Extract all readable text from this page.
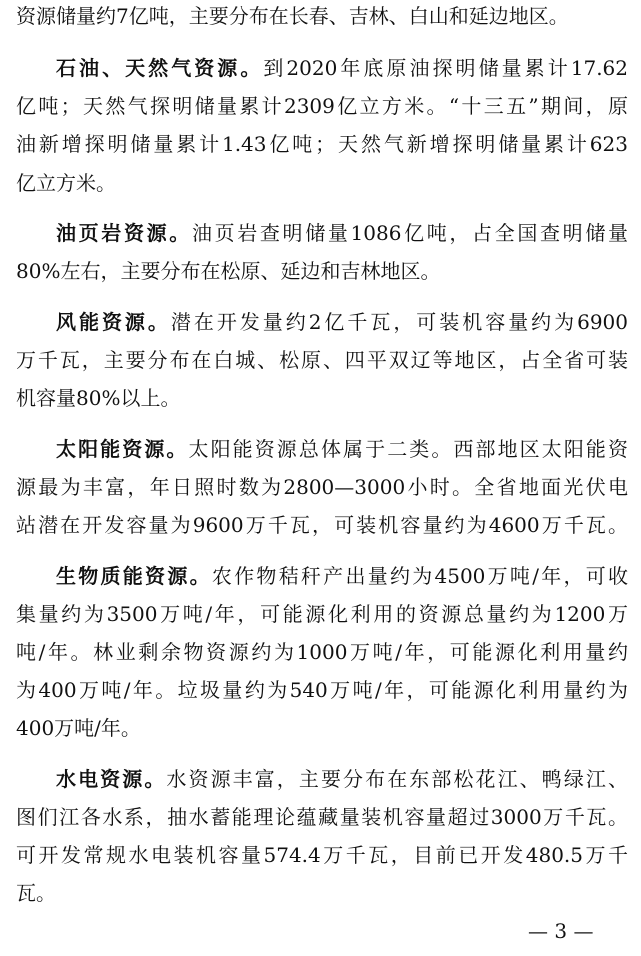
资源储量约7亿吨，主要分布在长春、吉林、白山和延边地区。
石油、天然气资源。到2020年底原油探明储量累计17.62
亿吨；天然气探明储量累计2309亿立方米。“十三五”期间，原
油新增探明储量累计1.43亿吨；天然气新增探明储量累计623
亿立方米。
油页岩资源。油页岩查明储量1086亿吨，占全国查明储量
80%左右，主要分布在松原、延边和吉林地区。
风能资源。潜在开发量约2亿千瓦，可装机容量约为6900
万千瓦，主要分布在白城、松原、四平双辽等地区，占全省可装
机容量80%以上。
太阳能资源。太阳能资源总体属于二类。西部地区太阳能资
源最为丰富，年日照时数为2800—3000小时。全省地面光伏电
站潜在开发容量为9600万千瓦，可装机容量约为4600万千瓦。
生物质能资源。农作物秸秆产出量约为4500万吨/年，可收
集量约为3500万吨/年，可能源化利用的资源总量约为1200万
吨/年。林业剩余物资源约为1000万吨/年，可能源化利用量约
为400万吨/年。垃圾量约为540万吨/年，可能源化利用量约为
400万吨/年。
水电资源。水资源丰富，主要分布在东部松花江、鸭绿江、
图们江各水系，抽水蓄能理论蕴藏量装机容量超过3000万千瓦。
可开发常规水电装机容量574.4万千瓦，目前已开发480.5万千
瓦。
— 3 —
